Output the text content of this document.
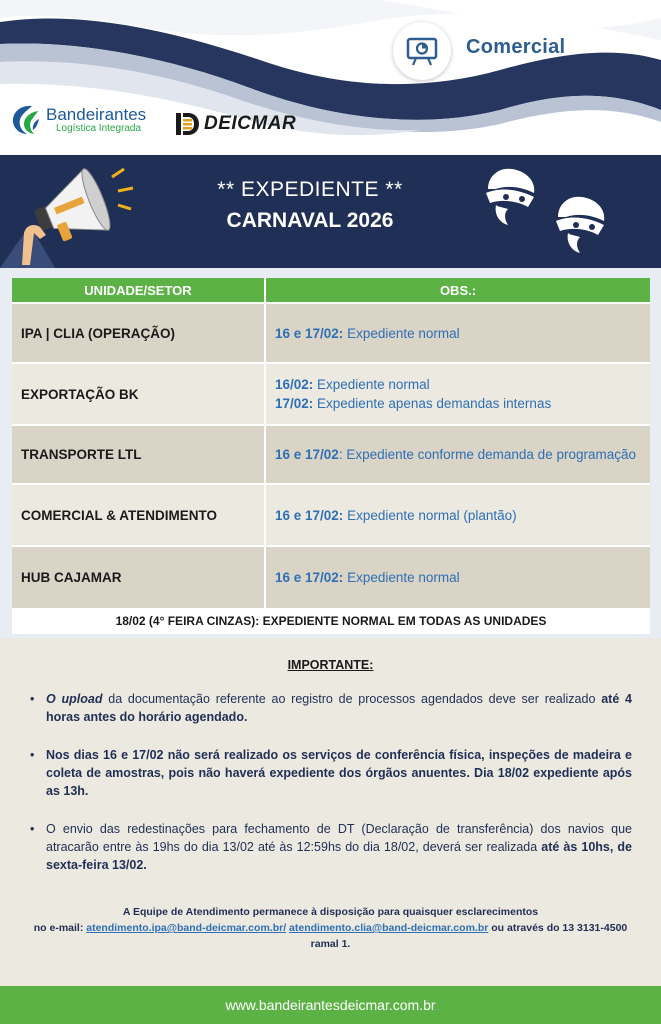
Comercial
Bandeirantes
Logística Integrada	DEICMAR
** EXPEDIENTE **
CARNAVAL 2026
UNIDADE/SETOR	OBS.:
IPA | CLIA (OPERAÇÃO)	16 e 17/02: Expediente normal
EXPORTAÇÃO BK	16/02: Expediente normal
17/02: Expediente apenas demandas internas
TRANSPORTE LTL	16 e 17/02: Expediente conforme demanda de programação
COMERCIAL & ATENDIMENTO	16 e 17/02: Expediente normal (plantão)
HUB CAJAMAR	16 e 17/02: Expediente normal
18/02 (4° FEIRA CINZAS): EXPEDIENTE NORMAL EM TODAS AS UNIDADES
IMPORTANTE:
• O upload da documentação referente ao registro de processos agendados deve ser realizado até 4 horas antes do horário agendado.
• Nos dias 16 e 17/02 não será realizado os serviços de conferência física, inspeções de madeira e coleta de amostras, pois não haverá expediente dos órgãos anuentes. Dia 18/02 expediente após as 13h.
• O envio das redestinações para fechamento de DT (Declaração de transferência) dos navios que atracarão entre às 19hs do dia 13/02 até às 12:59hs do dia 18/02, deverá ser realizada até às 10hs, de sexta-feira 13/02.
A Equipe de Atendimento permanece à disposição para quaisquer esclarecimentos
no e-mail: atendimento.ipa@band-deicmar.com.br/ atendimento.clia@band-deicmar.com.br ou através do 13 3131-4500 ramal 1.
www.bandeirantesdeicmar.com.br
